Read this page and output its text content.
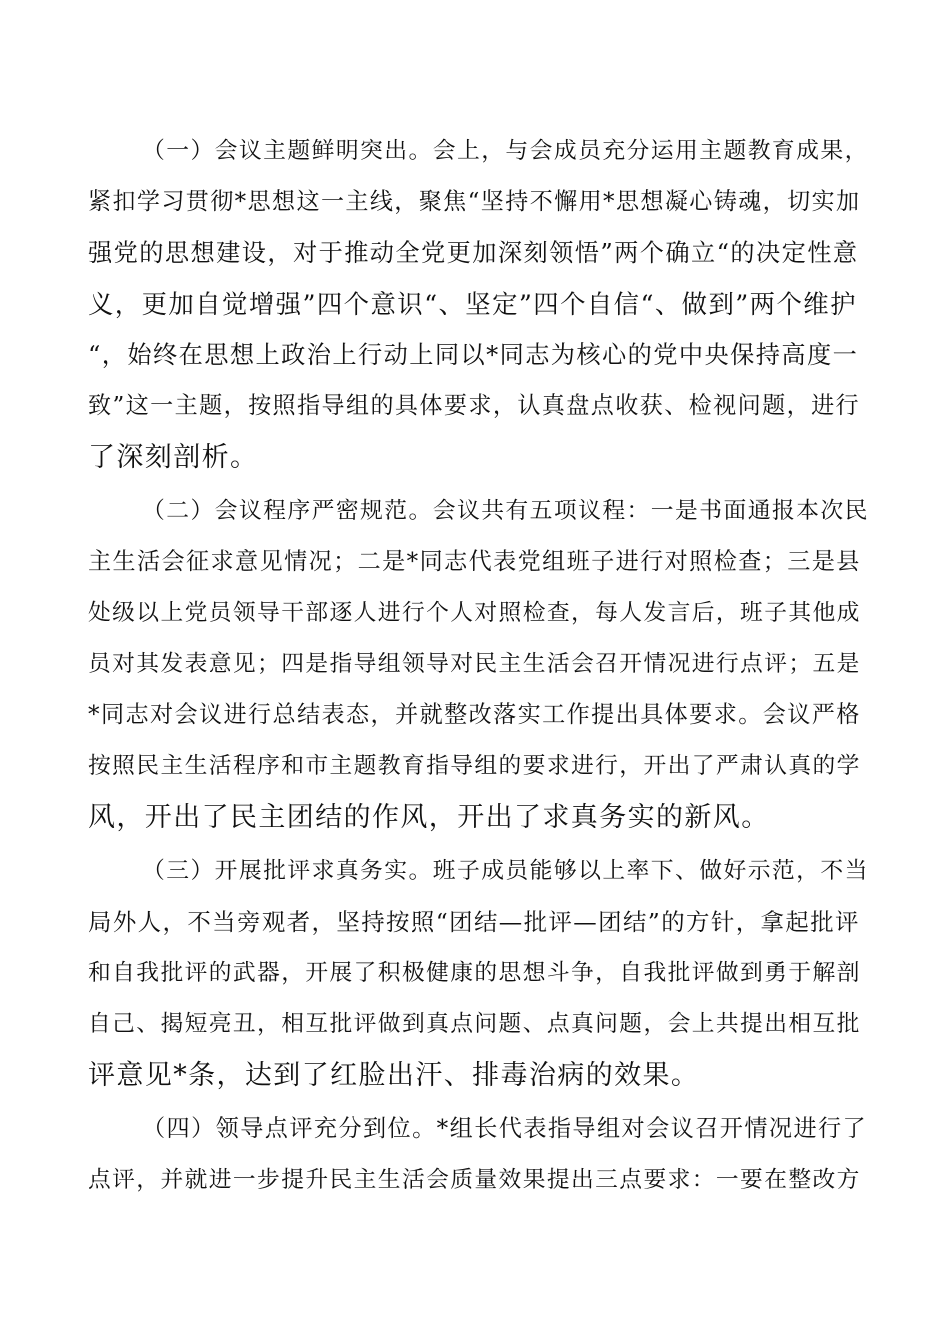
（一）会议主题鲜明突出。会上，与会成员充分运用主题教育成果，
紧扣学习贯彻*思想这一主线，聚焦“坚持不懈用*思想凝心铸魂，切实加
强党的思想建设，对于推动全党更加深刻领悟”两个确立“的决定性意
义，更加自觉增强”四个意识“、坚定”四个自信“、做到”两个维护
“，始终在思想上政治上行动上同以*同志为核心的党中央保持高度一
致”这一主题，按照指导组的具体要求，认真盘点收获、检视问题，进行
了深刻剖析。

（二）会议程序严密规范。会议共有五项议程：一是书面通报本次民
主生活会征求意见情况；二是*同志代表党组班子进行对照检查；三是县
处级以上党员领导干部逐人进行个人对照检查，每人发言后，班子其他成
员对其发表意见；四是指导组领导对民主生活会召开情况进行点评；五是
*同志对会议进行总结表态，并就整改落实工作提出具体要求。会议严格
按照民主生活程序和市主题教育指导组的要求进行，开出了严肃认真的学
风，开出了民主团结的作风，开出了求真务实的新风。

（三）开展批评求真务实。班子成员能够以上率下、做好示范，不当
局外人，不当旁观者，坚持按照“团结—批评—团结”的方针，拿起批评
和自我批评的武器，开展了积极健康的思想斗争，自我批评做到勇于解剖
自己、揭短亮丑，相互批评做到真点问题、点真问题，会上共提出相互批
评意见*条，达到了红脸出汗、排毒治病的效果。

（四）领导点评充分到位。*组长代表指导组对会议召开情况进行了
点评，并就进一步提升民主生活会质量效果提出三点要求：一要在整改方
